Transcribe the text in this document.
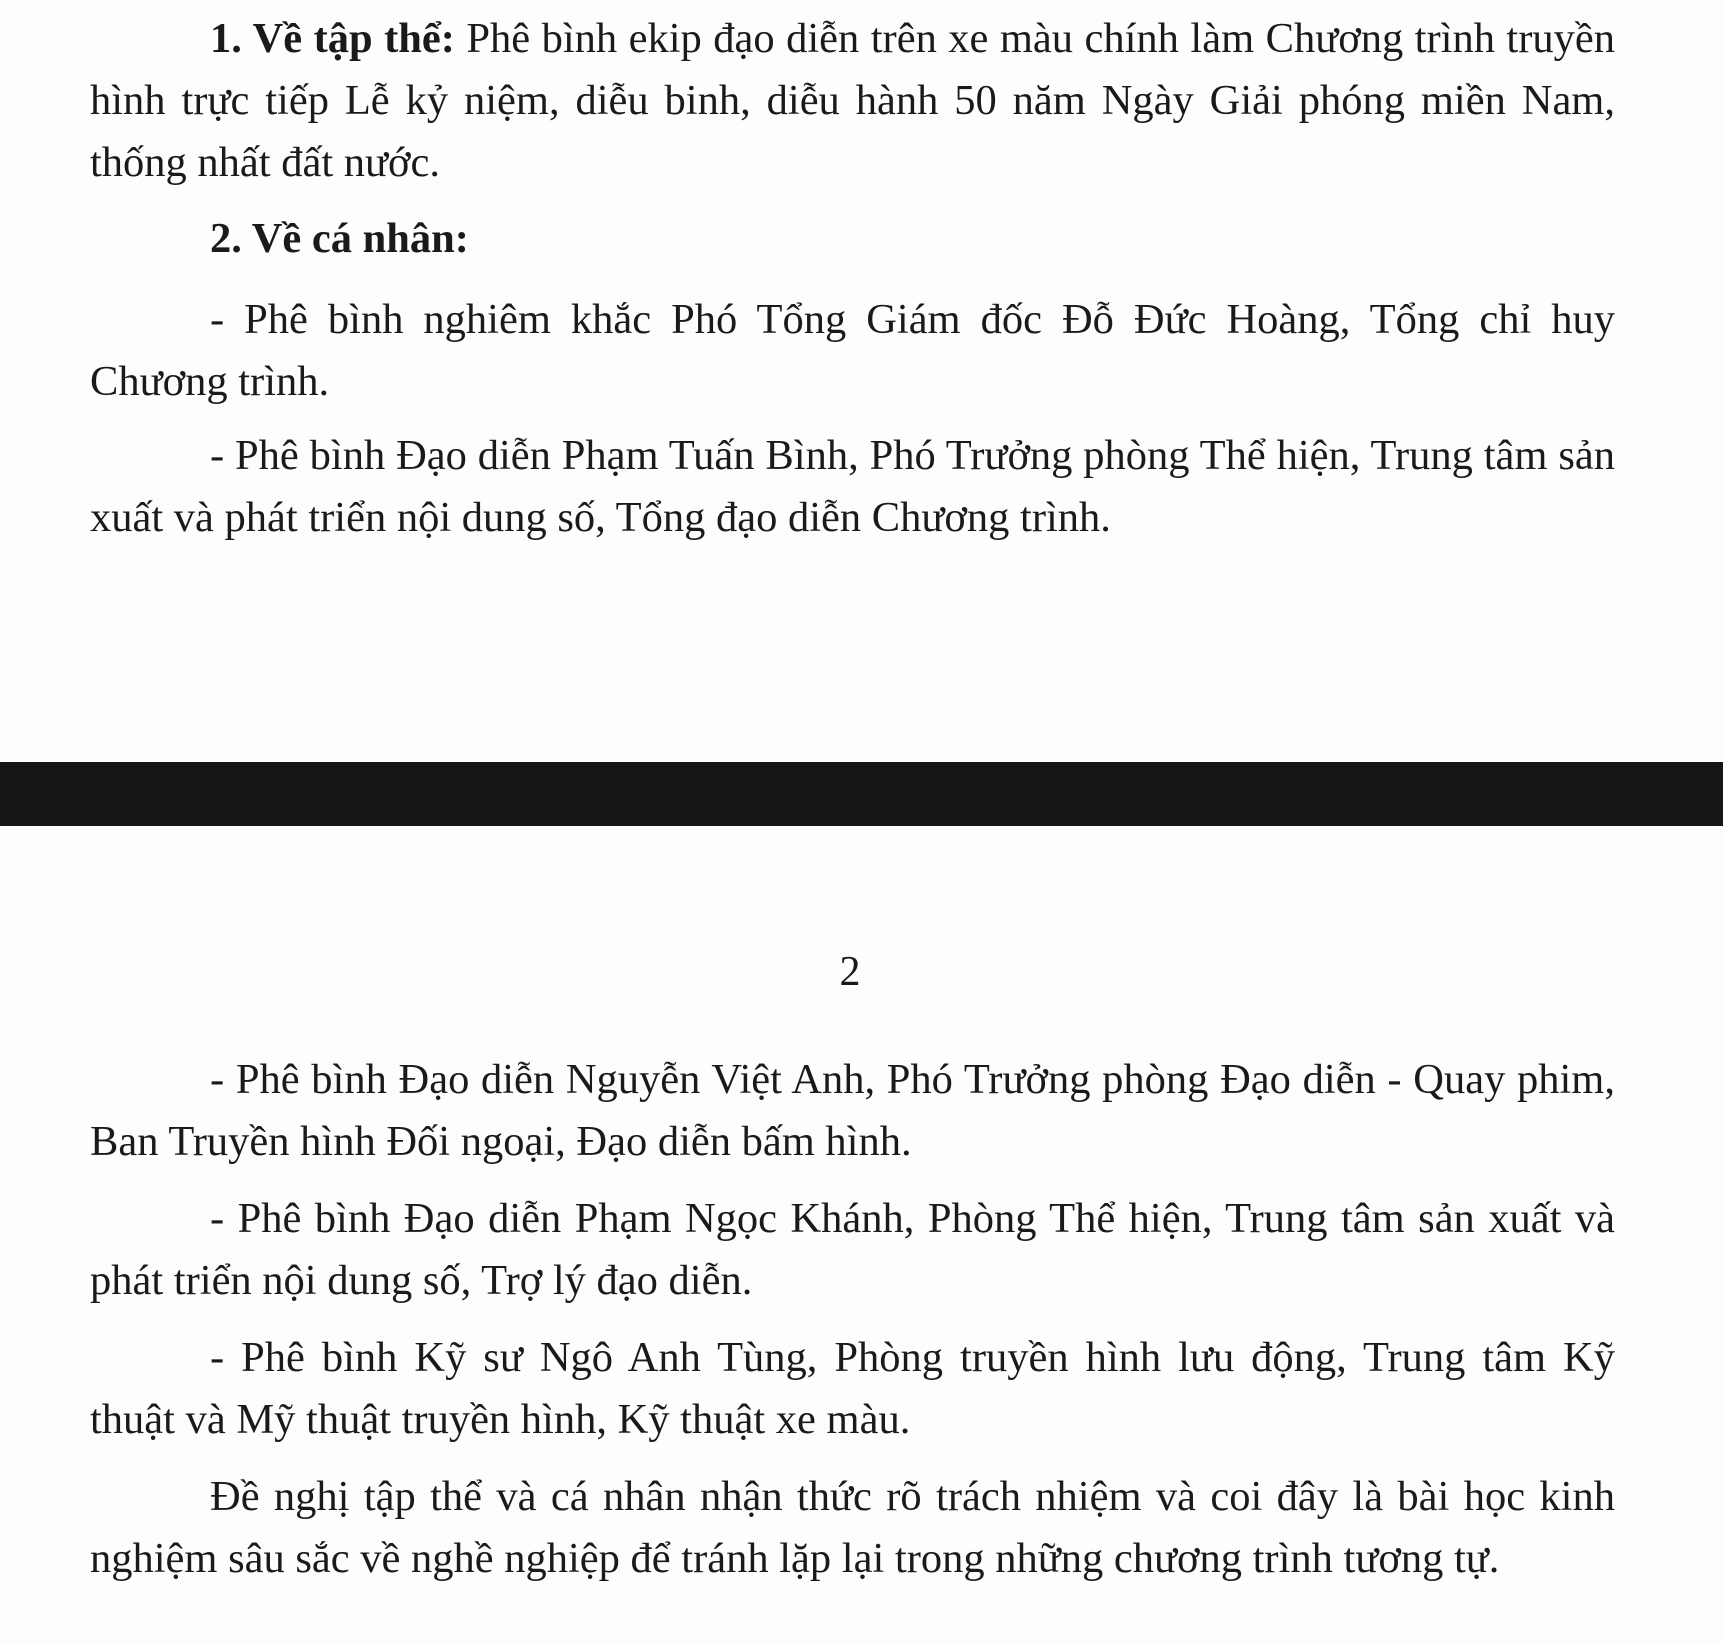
1. Về tập thể: Phê bình ekip đạo diễn trên xe màu chính làm Chương trình truyền hình trực tiếp Lễ kỷ niệm, diễu binh, diễu hành 50 năm Ngày Giải phóng miền Nam, thống nhất đất nước.

2. Về cá nhân:

- Phê bình nghiêm khắc Phó Tổng Giám đốc Đỗ Đức Hoàng, Tổng chỉ huy Chương trình.

- Phê bình Đạo diễn Phạm Tuấn Bình, Phó Trưởng phòng Thể hiện, Trung tâm sản xuất và phát triển nội dung số, Tổng đạo diễn Chương trình.

2

- Phê bình Đạo diễn Nguyễn Việt Anh, Phó Trưởng phòng Đạo diễn - Quay phim, Ban Truyền hình Đối ngoại, Đạo diễn bấm hình.

- Phê bình Đạo diễn Phạm Ngọc Khánh, Phòng Thể hiện, Trung tâm sản xuất và phát triển nội dung số, Trợ lý đạo diễn.

- Phê bình Kỹ sư Ngô Anh Tùng, Phòng truyền hình lưu động, Trung tâm Kỹ thuật và Mỹ thuật truyền hình, Kỹ thuật xe màu.

Đề nghị tập thể và cá nhân nhận thức rõ trách nhiệm và coi đây là bài học kinh nghiệm sâu sắc về nghề nghiệp để tránh lặp lại trong những chương trình tương tự.
